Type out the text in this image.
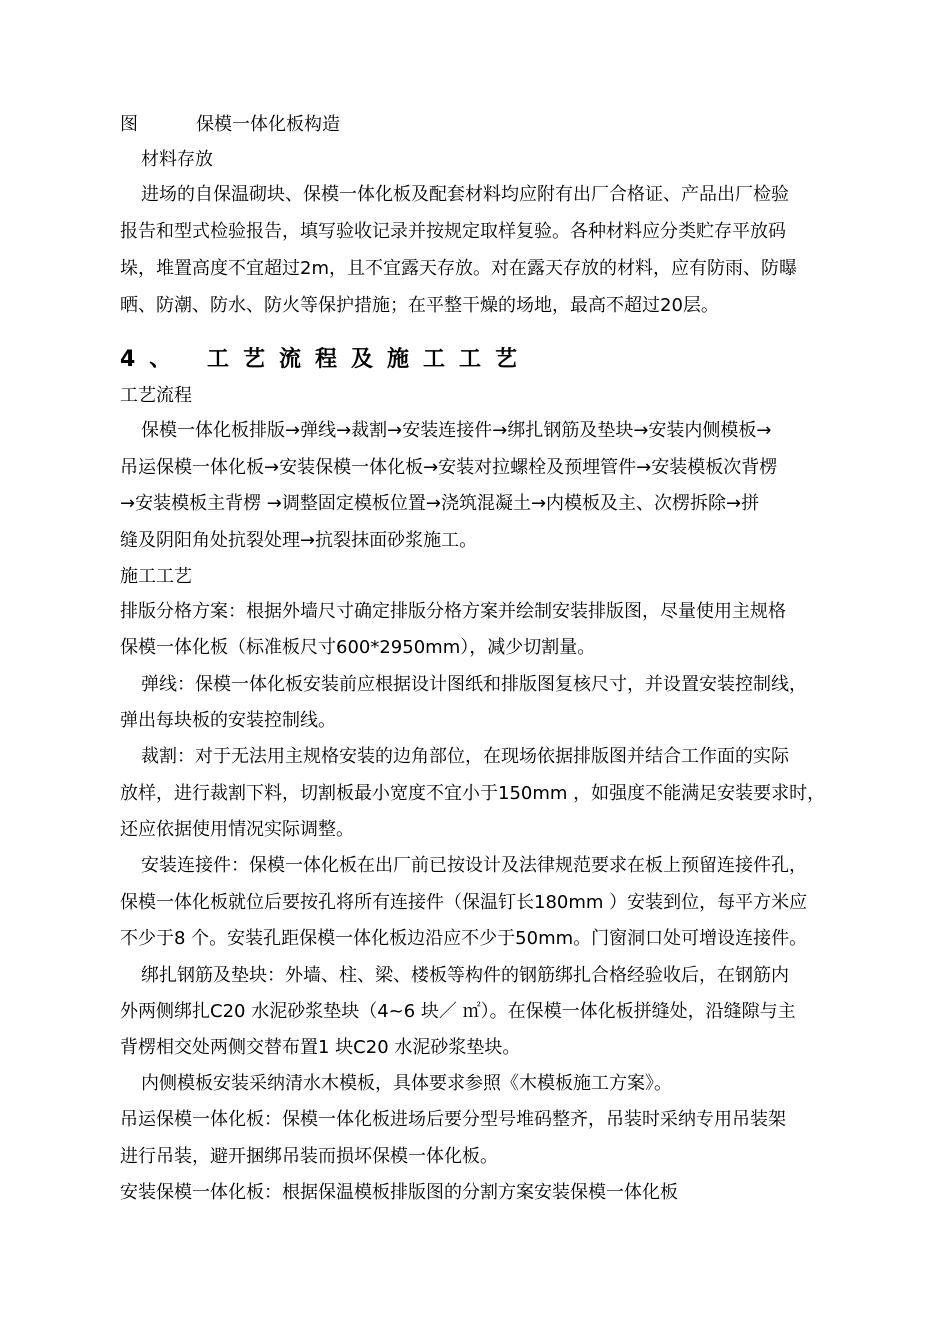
图	保模一体化板构造
材料存放
进场的自保温砌块、保模一体化板及配套材料均应附有出厂合格证、产品出厂检验
报告和型式检验报告，填写验收记录并按规定取样复验。各种材料应分类贮存平放码
垛，堆置高度不宜超过2m，且不宜露天存放。对在露天存放的材料，应有防雨、防曝
晒、防潮、防水、防火等保护措施；在平整干燥的场地，最高不超过20层。
4、 工艺流程及施工工艺
工艺流程
保模一体化板排版→弹线→裁割→安装连接件→绑扎钢筋及垫块→安装内侧模板→
吊运保模一体化板→安装保模一体化板→安装对拉螺栓及预埋管件→安装模板次背楞
→安装模板主背楞 →调整固定模板位置→浇筑混凝土→内模板及主、次楞拆除→拼
缝及阴阳角处抗裂处理→抗裂抹面砂浆施工。
施工工艺
排版分格方案：根据外墙尺寸确定排版分格方案并绘制安装排版图，尽量使用主规格
保模一体化板（标准板尺寸600*2950mm），减少切割量。
弹线：保模一体化板安装前应根据设计图纸和排版图复核尺寸，并设置安装控制线，
弹出每块板的安装控制线。
裁割：对于无法用主规格安装的边角部位，在现场依据排版图并结合工作面的实际
放样，进行裁割下料，切割板最小宽度不宜小于150mm ，如强度不能满足安装要求时，
还应依据使用情况实际调整。
安装连接件：保模一体化板在出厂前已按设计及法律规范要求在板上预留连接件孔，
保模一体化板就位后要按孔将所有连接件（保温钉长180mm ）安装到位，每平方米应
不少于8 个。安装孔距保模一体化板边沿应不少于50mm。门窗洞口处可增设连接件。
绑扎钢筋及垫块：外墙、柱、梁、楼板等构件的钢筋绑扎合格经验收后，在钢筋内
外两侧绑扎C20 水泥砂浆垫块（4~6 块／ ㎡）。在保模一体化板拼缝处，沿缝隙与主
背楞相交处两侧交替布置1 块C20 水泥砂浆垫块。
内侧模板安装采纳清水木模板，具体要求参照《木模板施工方案》。
吊运保模一体化板：保模一体化板进场后要分型号堆码整齐，吊装时采纳专用吊装架
进行吊装，避开捆绑吊装而损坏保模一体化板。
安装保模一体化板：根据保温模板排版图的分割方案安装保模一体化板
